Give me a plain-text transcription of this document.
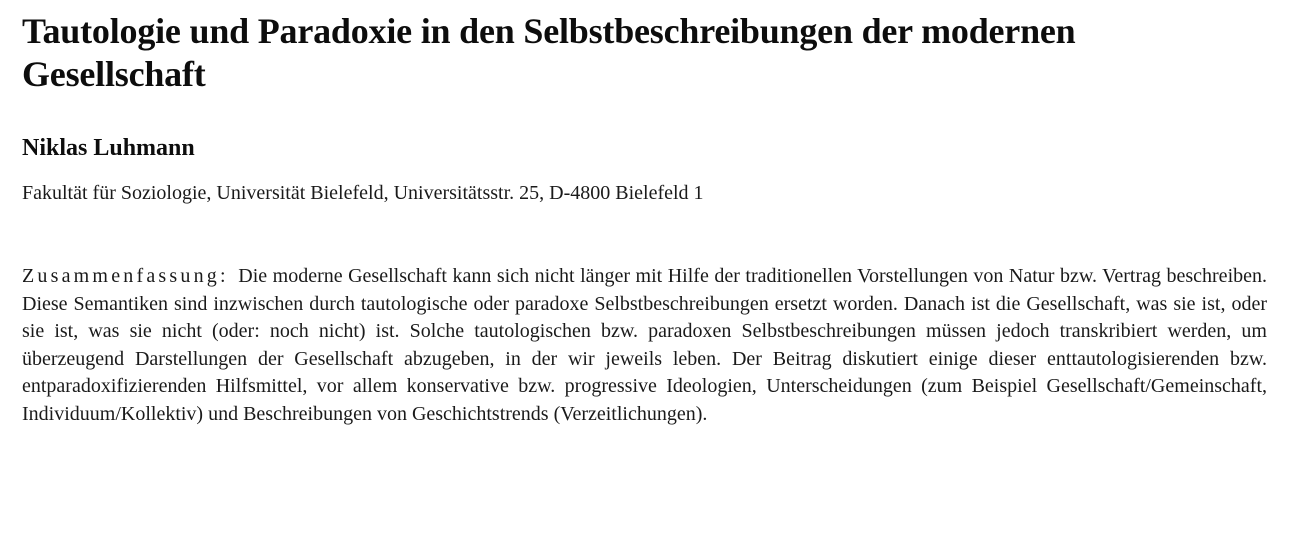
Tautologie und Paradoxie in den Selbstbeschreibungen der modernen Gesellschaft
Niklas Luhmann

Fakultät für Soziologie, Universität Bielefeld, Universitätsstr. 25, D-4800 Bielefeld 1

Zusammenfassung: Die moderne Gesellschaft kann sich nicht länger mit Hilfe der traditionellen Vorstellungen von Natur bzw. Vertrag beschreiben. Diese Semantiken sind inzwischen durch tautologische oder paradoxe Selbstbeschreibungen ersetzt worden. Danach ist die Gesellschaft, was sie ist, oder sie ist, was sie nicht (oder: noch nicht) ist. Solche tautologischen bzw. paradoxen Selbstbeschreibungen müssen jedoch transkribiert werden, um überzeugend Darstellungen der Gesellschaft abzugeben, in der wir jeweils leben. Der Beitrag diskutiert einige dieser enttautologisierenden bzw. entparadoxifizierenden Hilfsmittel, vor allem konservative bzw. progressive Ideologien, Unterscheidungen (zum Beispiel Gesellschaft/Gemeinschaft, Individuum/Kollektiv) und Beschreibungen von Geschichtstrends (Verzeitlichungen).
